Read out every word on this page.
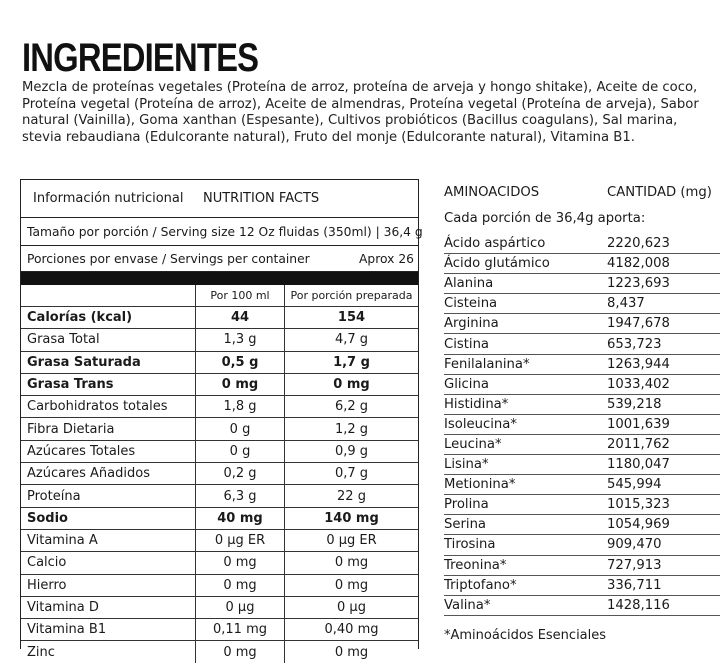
INGREDIENTES

Mezcla de proteínas vegetales (Proteína de arroz, proteína de arveja y hongo shitake), Aceite de coco, Proteína vegetal (Proteína de arroz), Aceite de almendras, Proteína vegetal (Proteína de arveja), Sabor natural (Vainilla), Goma xanthan (Espesante), Cultivos probióticos (Bacillus coagulans), Sal marina, stevia rebaudiana (Edulcorante natural), Fruto del monje (Edulcorante natural), Vitamina B1.

Información nutricional	NUTRITION FACTS
Tamaño por porción / Serving size 12 Oz fluidas (350ml) | 36,4 g
Porciones por envase / Servings per container	Aprox 26
	Por 100 ml	Por porción preparada
Calorías (kcal)	44	154
Grasa Total	1,3 g	4,7 g
Grasa Saturada	0,5 g	1,7 g
Grasa Trans	0 mg	0 mg
Carbohidratos totales	1,8 g	6,2 g
Fibra Dietaria	0 g	1,2 g
Azúcares Totales	0 g	0,9 g
Azúcares Añadidos	0,2 g	0,7 g
Proteína	6,3 g	22 g
Sodio	40 mg	140 mg
Vitamina A	0 µg ER	0 µg ER
Calcio	0 mg	0 mg
Hierro	0 mg	0 mg
Vitamina D	0 µg	0 µg
Vitamina B1	0,11 mg	0,40 mg
Zinc	0 mg	0 mg
AMINOACIDOS	CANTIDAD (mg)
Cada porción de 36,4g aporta:
Ácido aspártico	2220,623
Ácido glutámico	4182,008
Alanina	1223,693
Cisteina	8,437
Arginina	1947,678
Cistina	653,723
Fenilalanina*	1263,944
Glicina	1033,402
Histidina*	539,218
Isoleucina*	1001,639
Leucina*	2011,762
Lisina*	1180,047
Metionina*	545,994
Prolina	1015,323
Serina	1054,969
Tirosina	909,470
Treonina*	727,913
Triptofano*	336,711
Valina*	1428,116
*Aminoácidos Esenciales
